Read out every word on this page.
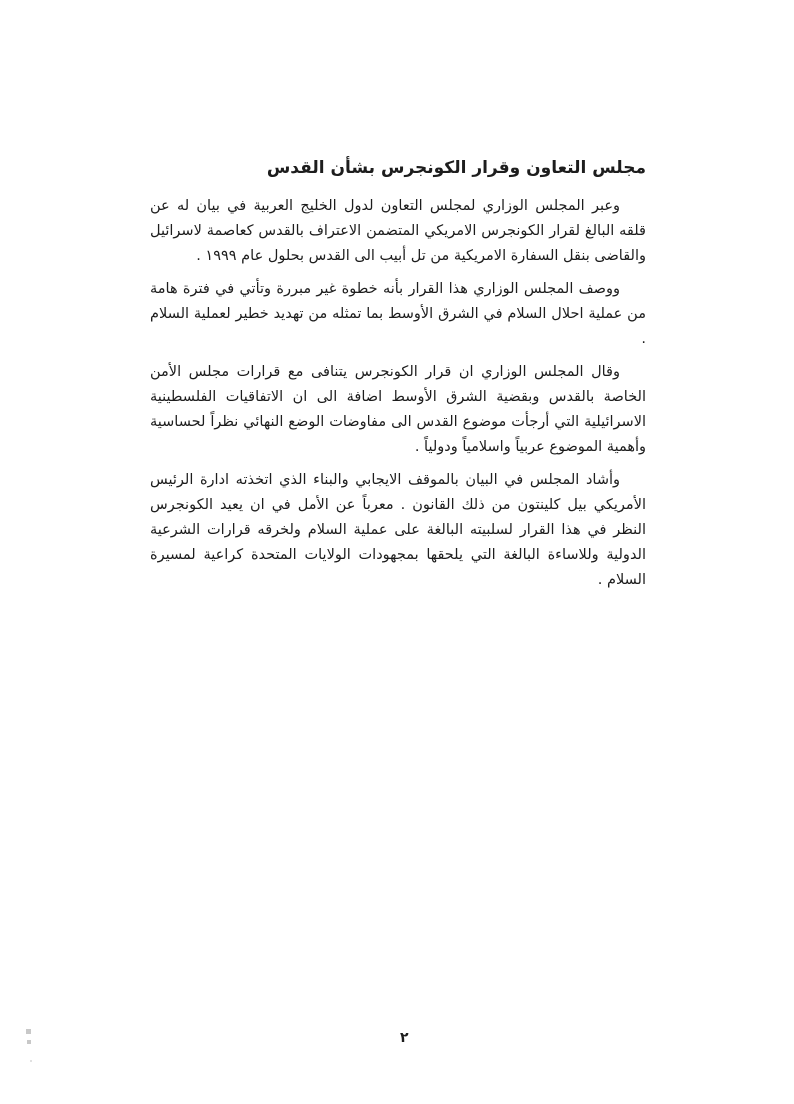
مجلس التعاون وقرار الكونجرس بشأن القدس

وعبر المجلس الوزاري لمجلس التعاون لدول الخليج العربية في بيان له عن قلقه البالغ لقرار الكونجرس الامريكي المتضمن الاعتراف بالقدس كعاصمة لاسرائيل والقاضى بنقل السفارة الامريكية من تل أبيب الى القدس بحلول عام ١٩٩٩ .

ووصف المجلس الوزاري هذا القرار بأنه خطوة غير مبررة وتأتي في فترة هامة من عملية احلال السلام في الشرق الأوسط بما تمثله من تهديد خطير لعملية السلام .

وقال المجلس الوزاري ان قرار الكونجرس يتنافى مع قرارات مجلس الأمن الخاصة بالقدس وبقضية الشرق الأوسط اضافة الى ان الاتفاقيات الفلسطينية الاسرائيلية التي أرجأت موضوع القدس الى مفاوضات الوضع النهائي نظراً لحساسية وأهمية الموضوع عربياً واسلامياً ودولياً .

وأشاد المجلس في البيان بالموقف الايجابي والبناء الذي اتخذته ادارة الرئيس الأمريكي بيل كلينتون من ذلك القانون . معرباً عن الأمل في ان يعيد الكونجرس النظر في هذا القرار لسلبيته البالغة على عملية السلام ولخرقه قرارات الشرعية الدولية وللاساءة البالغة التي يلحقها بمجهودات الولايات المتحدة كراعية لمسيرة السلام .

٢
